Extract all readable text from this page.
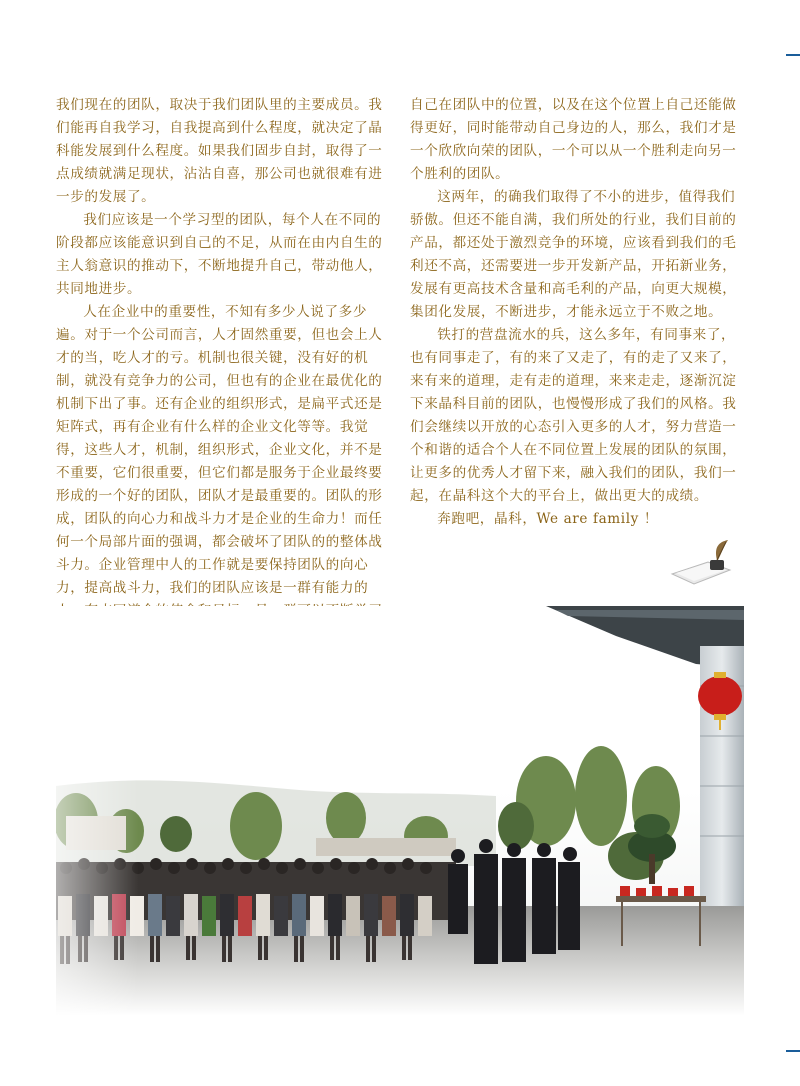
我们现在的团队，取决于我们团队里的主要成员。我们能再自我学习，自我提高到什么程度，就决定了晶科能发展到什么程度。如果我们固步自封，取得了一点成绩就满足现状，沾沾自喜，那公司也就很难有进一步的发展了。

我们应该是一个学习型的团队，每个人在不同的阶段都应该能意识到自己的不足，从而在由内自生的主人翁意识的推动下，不断地提升自己，带动他人，共同地进步。

人在企业中的重要性，不知有多少人说了多少遍。对于一个公司而言，人才固然重要，但也会上人才的当，吃人才的亏。机制也很关键，没有好的机制，就没有竞争力的公司，但也有的企业在最优化的机制下出了事。还有企业的组织形式，是扁平式还是矩阵式，再有企业有什么样的企业文化等等。我觉得，这些人才，机制，组织形式，企业文化，并不是不重要，它们很重要，但它们都是服务于企业最终要形成的一个好的团队，团队才是最重要的。团队的形成，团队的向心力和战斗力才是企业的生命力！而任何一个局部片面的强调，都会破坏了团队的的整体战斗力。企业管理中人的工作就是要保持团队的向心力，提高战斗力，我们的团队应该是一群有能力的

自己在团队中的位置，以及在这个位置上自己还能做得更好，同时能带动自己身边的人，那么，我们才是一个欣欣向荣的团队，一个可以从一个胜利走向另一个胜利的团队。

这两年，的确我们取得了不小的进步，值得我们骄傲。但还不能自满，我们所处的行业，我们目前的产品，都还处于激烈竞争的环境，应该看到我们的毛利还不高，还需要进一步开发新产品，开拓新业务，发展有更高技术含量和高毛利的产品，向更大规模，集团化发展，不断进步，才能永远立于不败之地。

铁打的营盘流水的兵，这么多年，有同事来了，也有同事走了，有的来了又走了，有的走了又来了，来有来的道理，走有走的道理，来来走走，逐渐沉淀下来晶科目前的团队，也慢慢形成了我们的风格。我们会继续以开放的心态引入更多的人才，努力营造一个和谐的适合个人在不同位置上发展的团队的氛围，让更多的优秀人才留下来，融入我们的团队，我们一起，在晶科这个大的平台上，做出更大的成绩。

奔跑吧，晶科，We are family ！
